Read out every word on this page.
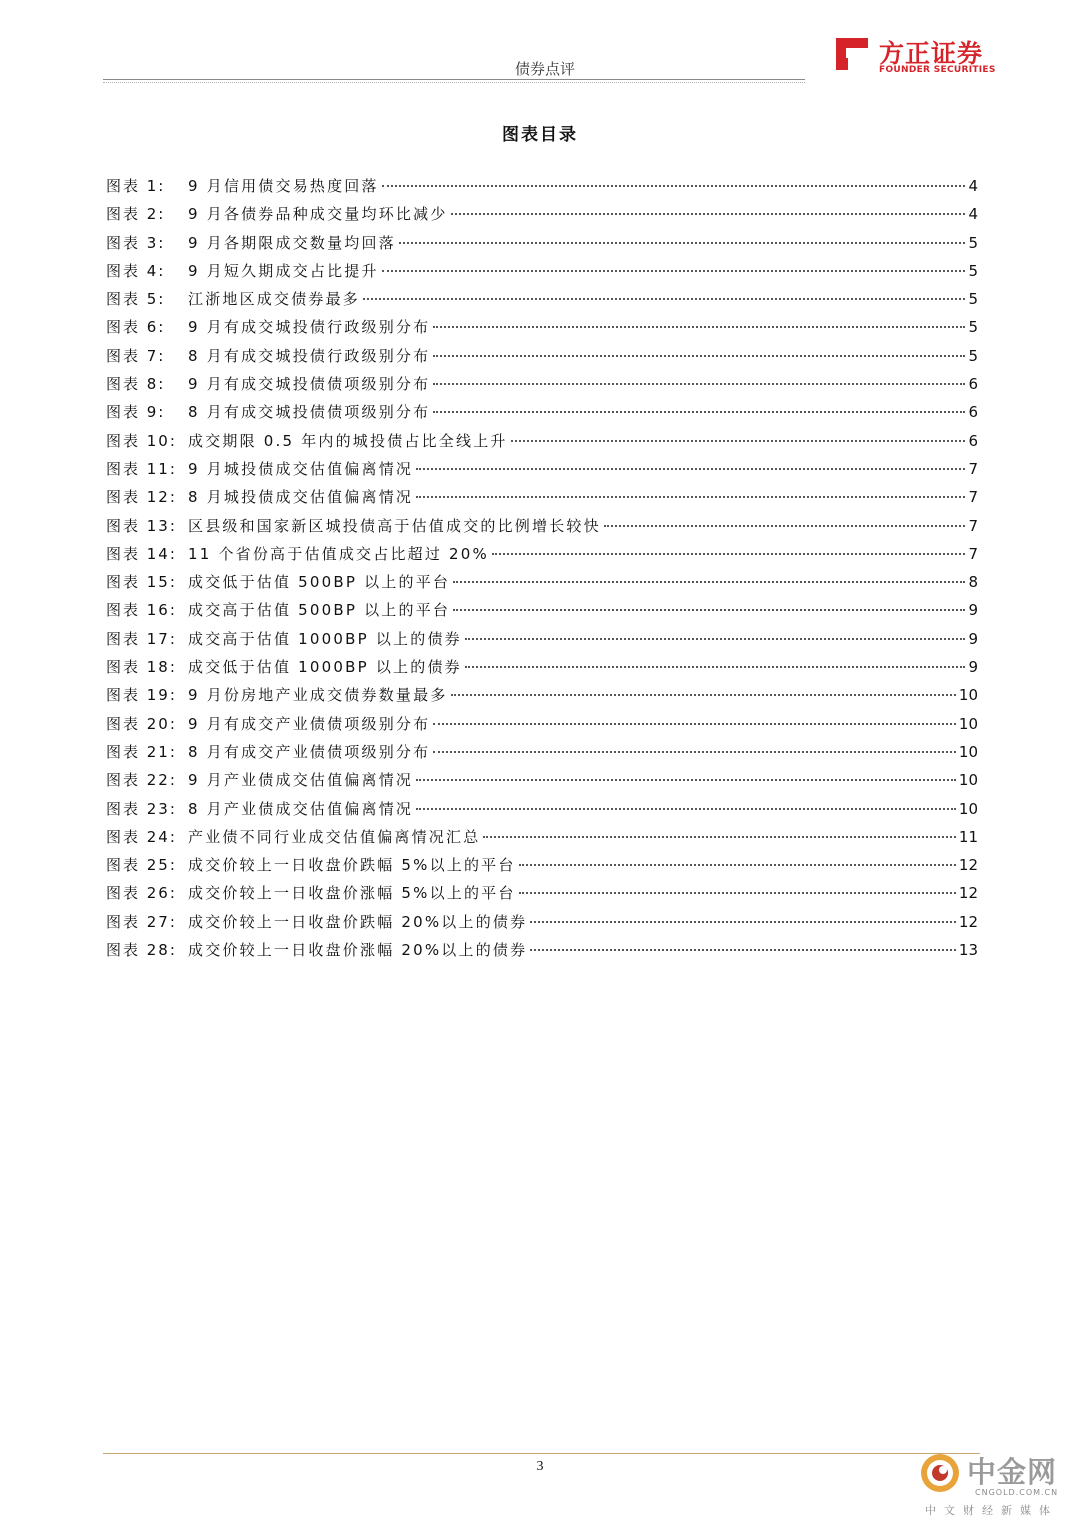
债券点评
方正证券
FOUNDER SECURITIES
图表目录
图表 1:	9 月信用债交易热度回落	4
图表 2:	9 月各债券品种成交量均环比减少	4
图表 3:	9 月各期限成交数量均回落	5
图表 4:	9 月短久期成交占比提升	5
图表 5:	江浙地区成交债券最多	5
图表 6:	9 月有成交城投债行政级别分布	5
图表 7:	8 月有成交城投债行政级别分布	5
图表 8:	9 月有成交城投债债项级别分布	6
图表 9:	8 月有成交城投债债项级别分布	6
图表 10: 成交期限 0.5 年内的城投债占比全线上升	6
图表 11: 9 月城投债成交估值偏离情况	7
图表 12: 8 月城投债成交估值偏离情况	7
图表 13: 区县级和国家新区城投债高于估值成交的比例增长较快	7
图表 14: 11 个省份高于估值成交占比超过 20%	7
图表 15: 成交低于估值 500BP 以上的平台	8
图表 16: 成交高于估值 500BP 以上的平台	9
图表 17: 成交高于估值 1000BP 以上的债券	9
图表 18: 成交低于估值 1000BP 以上的债券	9
图表 19: 9 月份房地产业成交债券数量最多	10
图表 20: 9 月有成交产业债债项级别分布	10
图表 21: 8 月有成交产业债债项级别分布	10
图表 22: 9 月产业债成交估值偏离情况	10
图表 23: 8 月产业债成交估值偏离情况	10
图表 24: 产业债不同行业成交估值偏离情况汇总	11
图表 25: 成交价较上一日收盘价跌幅 5%以上的平台	12
图表 26: 成交价较上一日收盘价涨幅 5%以上的平台	12
图表 27: 成交价较上一日收盘价跌幅 20%以上的债券	12
图表 28: 成交价较上一日收盘价涨幅 20%以上的债券	13
3	中金网
CNGOLD.COM.CN
中文财经新媒体
